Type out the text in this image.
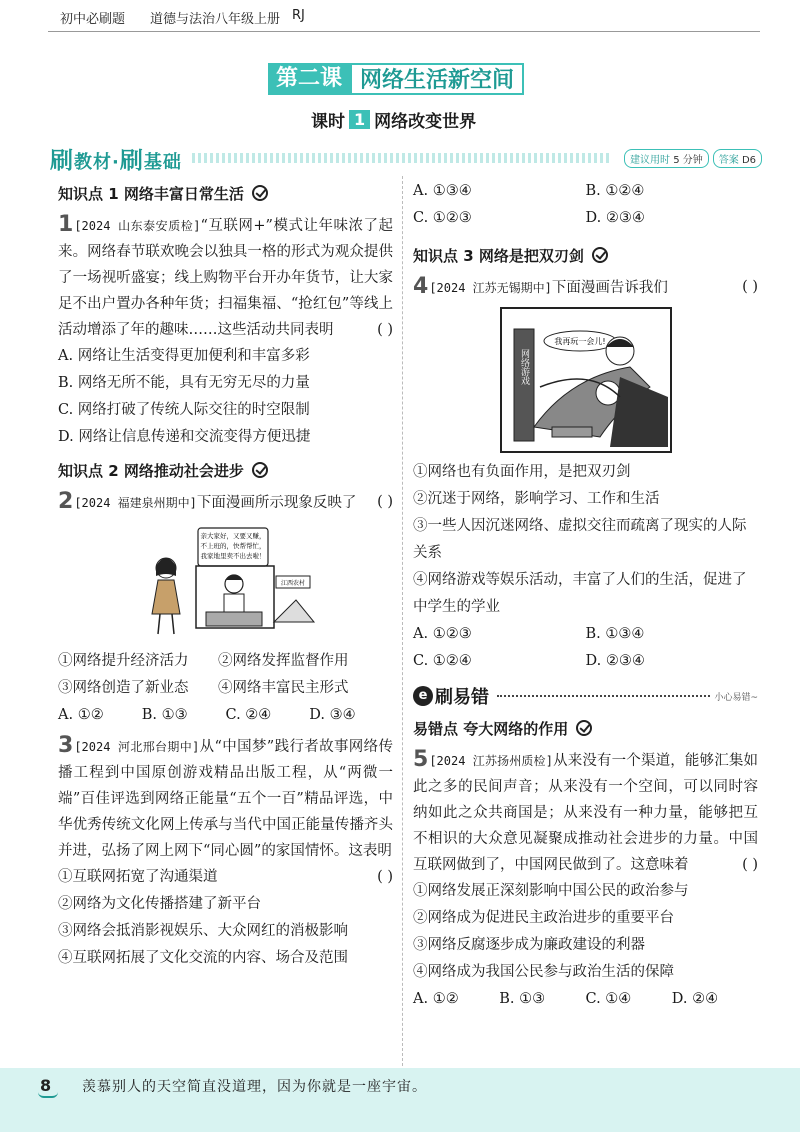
初中必刷题 道德与法治八年级上册 RJ
第二课 网络生活新空间
课时 1 网络改变世界
刷教材·刷基础	建议用时 5 分钟	答案 D6
知识点 1 网络丰富日常生活
1[2024 山东泰安质检]“互联网+”模式让年味浓了起来。网络春节联欢晚会以独具一格的形式为观众提供了一场视听盛宴；线上购物平台开办年货节，让大家足不出户置办各种年货；扫福集福、“抢红包”等线上活动增添了年的趣味……这些活动共同表明	( )
A. 网络让生活变得更加便利和丰富多彩
B. 网络无所不能，具有无穷无尽的力量
C. 网络打破了传统人际交往的时空限制
D. 网络让信息传递和交流变得方便迅捷
知识点 2 网络推动社会进步
2[2024 福建泉州期中]下面漫画所示现象反映了 ( )
亲大家好，又要又赚，
不上班的，快帮帮忙，
我家地里卖不出去啦！
江西农村
①网络提升经济活力	②网络发挥监督作用
③网络创造了新业态	④网络丰富民主形式
A. ①②	B. ①③	C. ②④	D. ③④
3[2024 河北邢台期中]从“中国梦”践行者故事网络传播工程到中国原创游戏精品出版工程，从“两微一端”百佳评选到网络正能量“五个一百”精品评选，中华优秀传统文化网上传承与当代中国正能量传播齐头并进，弘扬了网上网下“同心圆”的家国情怀。这表明
( )
①互联网拓宽了沟通渠道
②网络为文化传播搭建了新平台
③网络会抵消影视娱乐、大众网红的消极影响
④互联网拓展了文化交流的内容、场合及范围
A. ①③④	B. ①②④
C. ①②③	D. ②③④
知识点 3 网络是把双刃剑
4[2024 江苏无锡期中]下面漫画告诉我们	( )
网络游戏
我再玩一会儿!
①网络也有负面作用，是把双刃剑
②沉迷于网络，影响学习、工作和生活
③一些人因沉迷网络、虚拟交往而疏离了现实的人际关系
④网络游戏等娱乐活动，丰富了人们的生活，促进了中学生的学业
A. ①②③	B. ①③④
C. ①②④	D. ②③④
e 刷易错	小心易错~
易错点 夸大网络的作用
5[2024 江苏扬州质检]从来没有一个渠道，能够汇集如此之多的民间声音；从来没有一个空间，可以同时容纳如此之众共商国是；从来没有一种力量，能够把互不相识的大众意见凝聚成推动社会进步的力量。中国互联网做到了，中国网民做到了。这意味着	( )
①网络发展正深刻影响中国公民的政治参与
②网络成为促进民主政治进步的重要平台
③网络反腐逐步成为廉政建设的利器
④网络成为我国公民参与政治生活的保障
A. ①②	B. ①③	C. ①④	D. ②④
8 羡慕别人的天空简直没道理，因为你就是一座宇宙。
